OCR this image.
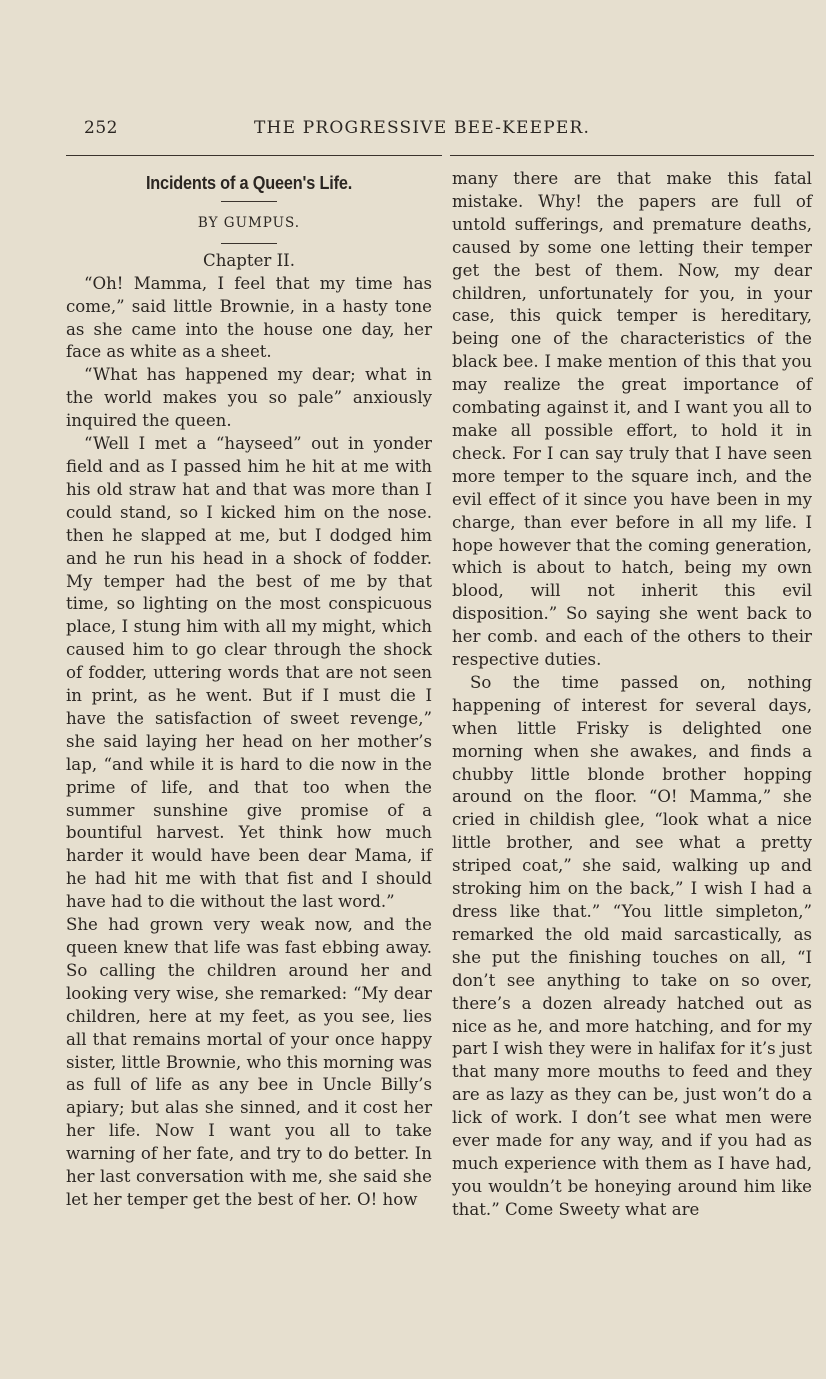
252	THE PROGRESSIVE BEE-KEEPER.
Incidents of a Queen's Life.
BY GUMPUS.
Chapter II.

“Oh! Mamma, I feel that my time has come,” said little Brownie, in a hasty tone as she came into the house one day, her face as white as a sheet.

“What has happened my dear; what in the world makes you so pale” anxiously inquired the queen.

“Well I met a “hayseed” out in yonder field and as I passed him he hit at me with his old straw hat and that was more than I could stand, so I kicked him on the nose. then he slapped at me, but I dodged him and he run his head in a shock of fodder. My temper had the best of me by that time, so lighting on the most conspicuous place, I stung him with all my might, which caused him to go clear through the shock of fodder, uttering words that are not seen in print, as he went. But if I must die I have the satisfaction of sweet revenge,” she said laying her head on her mother’s lap, “and while it is hard to die now in the prime of life, and that too when the summer sunshine give promise of a bountiful harvest. Yet think how much harder it would have been dear Mama, if he had hit me with that fist and I should have had to die without the last word.”

She had grown very weak now, and the queen knew that life was fast ebbing away. So calling the children around her and looking very wise, she remarked: “My dear children, here at my feet, as you see, lies all that remains mortal of your once happy sister, little Brownie, who this morning was as full of life as any bee in Uncle Billy’s apiary; but alas she sinned, and it cost her her life. Now I want you all to take warning of her fate, and try to do better. In her last conversation with me, she said she let her temper get the best of her. O! how

many there are that make this fatal mistake. Why! the papers are full of untold sufferings, and premature deaths, caused by some one letting their temper get the best of them. Now, my dear children, unfortunately for you, in your case, this quick temper is hereditary, being one of the characteristics of the black bee. I make mention of this that you may realize the great importance of combating against it, and I want you all to make all possible effort, to hold it in check. For I can say truly that I have seen more temper to the square inch, and the evil effect of it since you have been in my charge, than ever before in all my life. I hope however that the coming generation, which is about to hatch, being my own blood, will not inherit this evil disposition.” So saying she went back to her comb. and each of the others to their respective duties.

So the time passed on, nothing happening of interest for several days, when little Frisky is delighted one morning when she awakes, and finds a chubby little blonde brother hopping around on the floor. “O! Mamma,” she cried in childish glee, “look what a nice little brother, and see what a pretty striped coat,” she said, walking up and stroking him on the back,” I wish I had a dress like that.” “You little simpleton,” remarked the old maid sarcastically, as she put the finishing touches on all, “I don’t see anything to take on so over, there’s a dozen already hatched out as nice as he, and more hatching, and for my part I wish they were in halifax for it’s just that many more mouths to feed and they are as lazy as they can be, just won’t do a lick of work. I don’t see what men were ever made for any way, and if you had as much experience with them as I have had, you wouldn’t be honeying around him like that.” Come Sweety what are
